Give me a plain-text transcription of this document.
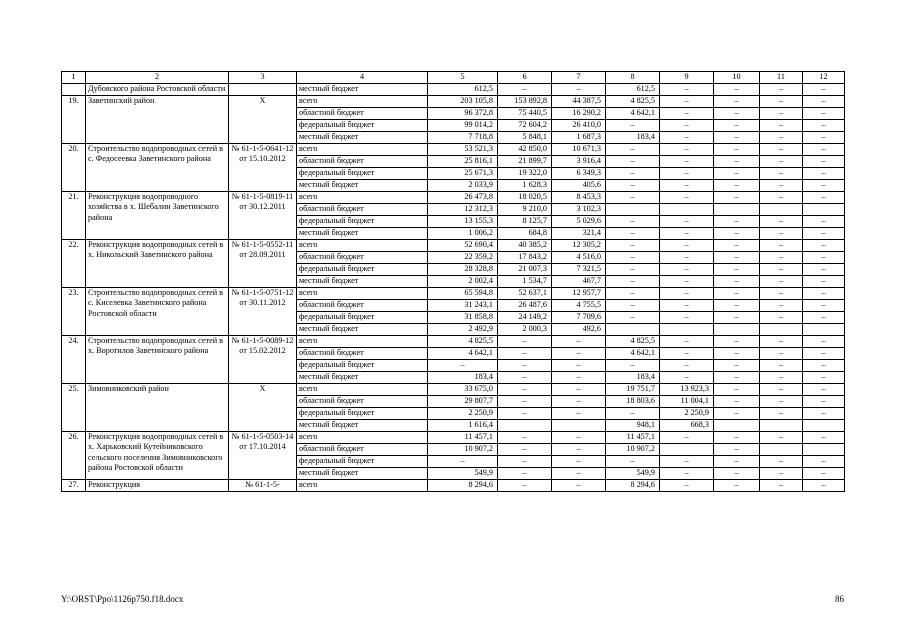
1	2	3	4	5	6	7	8	9	10	11	12
	Дубовского района Ростовской области		местный бюджет	612,5	–	–	612,5	–	–	–	–
19.	Заветинский район	Х	всего	203 105,8	153 892,8	44 387,5	4 825,5	–	–	–	–
			областной бюджет	96 372,8	75 440,5	16 290,2	4 642,1	–	–	–	–
			федеральный бюджет	99 014,2	72 604,2	26 410,0	–	–	–	–	–
			местный бюджет	7 718,8	5 848,1	1 687,3	183,4	–	–	–	–
20.	Строительство водопроводных сетей в с. Федосеевка Заветинского района	№ 61-1-5-0641-12 от 15.10.2012	всего	53 521,3	42 850,0	10 671,3	–	–	–	–	–
			областной бюджет	25 816,1	21 899,7	3 916,4	–	–	–	–	–
			федеральный бюджет	25 671,3	19 322,0	6 349,3	–	–	–	–	–
			местный бюджет	2 033,9	1 628,3	405,6	–	–	–	–	–
21.	Реконструкция водопроводного хозяйства в х. Шебалин Заветинского района	№ 61-1-5-0819-11 от 30.12.2011	всего	26 473,8	18 020,5	8 453,3	–	–	–	–	–
			областной бюджет	12 312,3	9 210,0	3 102,3					
			федеральный бюджет	13 155,3	8 125,7	5 029,6	–	–	–	–	–
			местный бюджет	1 006,2	684,8	321,4	–	–	–	–	–
22.	Реконструкция водопроводных сетей в х. Никольский Заветинского района	№ 61-1-5-0552-11 от 28.09.2011	всего	52 690,4	40 385,2	12 305,2	–	–	–	–	–
			областной бюджет	22 359,2	17 843,2	4 516,0	–	–	–	–	–
			федеральный бюджет	28 328,8	21 007,3	7 321,5	–	–	–	–	–
			местный бюджет	2 002,4	1 534,7	467,7	–	–	–	–	–
23.	Строительство водопроводных сетей в с. Киселевка Заветинского района Ростовской области	№ 61-1-5-0751-12 от 30.11.2012	всего	65 594,8	52 637,1	12 957,7	–	–	–	–	–
			областной бюджет	31 243,1	26 487,6	4 755,5	–	–	–	–	–
			федеральный бюджет	31 858,8	24 149,2	7 709,6	–	–	–	–	–
			местный бюджет	2 492,9	2 000,3	492,6					
24.	Строительство водопроводных сетей в х. Воротилов Заветинского района	№ 61-1-5-0089-12 от 15.02.2012	всего	4 825,5	–	–	4 825,5	–	–	–	–
			областной бюджет	4 642,1	–	–	4 642,1	–	–	–	–
			федеральный бюджет	–	–	–	–	–	–	–	–
			местный бюджет	183,4	–	–	183,4	–	–	–	–
25.	Зимовниковский район	Х	всего	33 675,0	–	–	19 751,7	13 923,3	–	–	–
			областной бюджет	29 807,7	–	–	18 803,6	11 004,1	–	–	–
			федеральный бюджет	2 250,9	–	–	–	2 250,9	–	–	–
			местный бюджет	1 616,4			948,1	668,3			
26.	Реконструкция водопроводных сетей в х. Харьковский Кутейниковского сельского поселения Зимовниковского района Ростовской области	№ 61-1-5-0503-14 от 17.10.2014	всего	11 457,1	–	–	11 457,1	–	–	–	–
			областной бюджет	10 907,2	–	–	10 907,2		–		
			федеральный бюджет	–	–	–	–	–	–	–	–
			местный бюджет	549,9	–	–	549,9	–	–	–	–
27.	Реконструкция	№ 61-1-5-	всего	8 294,6	–	–	8 294,6	–	–	–	–
Y:\ORST\Ppo\1126p750.f18.docx	86
